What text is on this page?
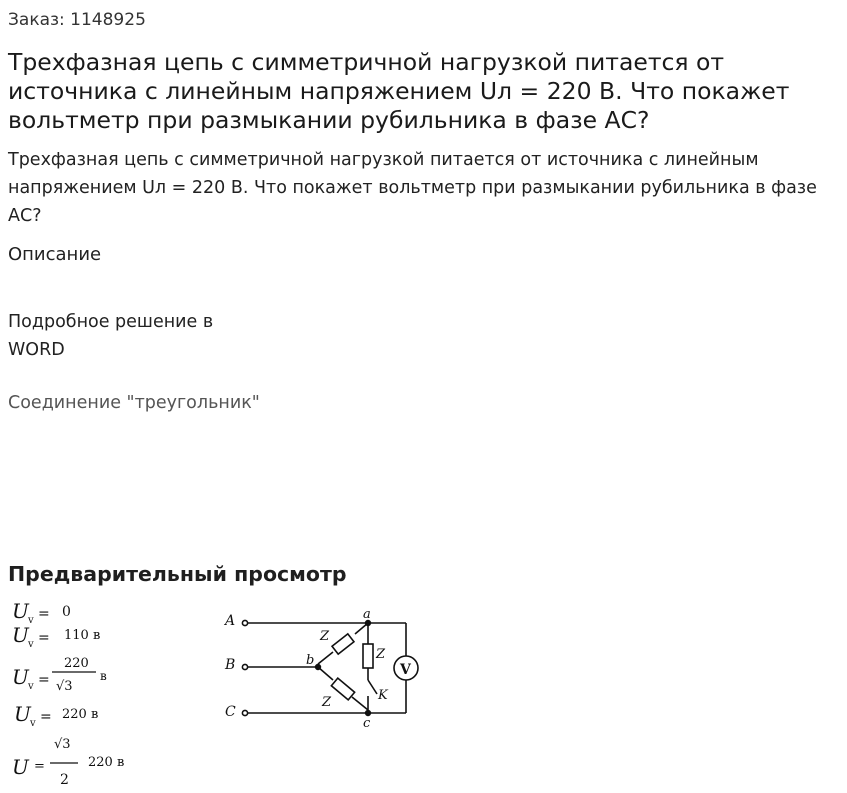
Заказ: 1148925
Трехфазная цепь с симметричной нагрузкой питается от источника с линейным напряжением Uл = 220 В. Что покажет вольтметр при размыкании рубильника в фазе АС?
Трехфазная цепь с симметричной нагрузкой питается от источника с линейным напряжением Uл = 220 В. Что покажет вольтметр при размыкании рубильника в фазе АС?
Описание
Подробное решение в WORD
Соединение "треугольник"
Предварительный просмотр
U v = 0
U v = 110 в
U v =
220
√3
в
U v = 220 в
U =
√3
2
220 в
A
B
C
V
Z
Z
Z
K
a
b
c
